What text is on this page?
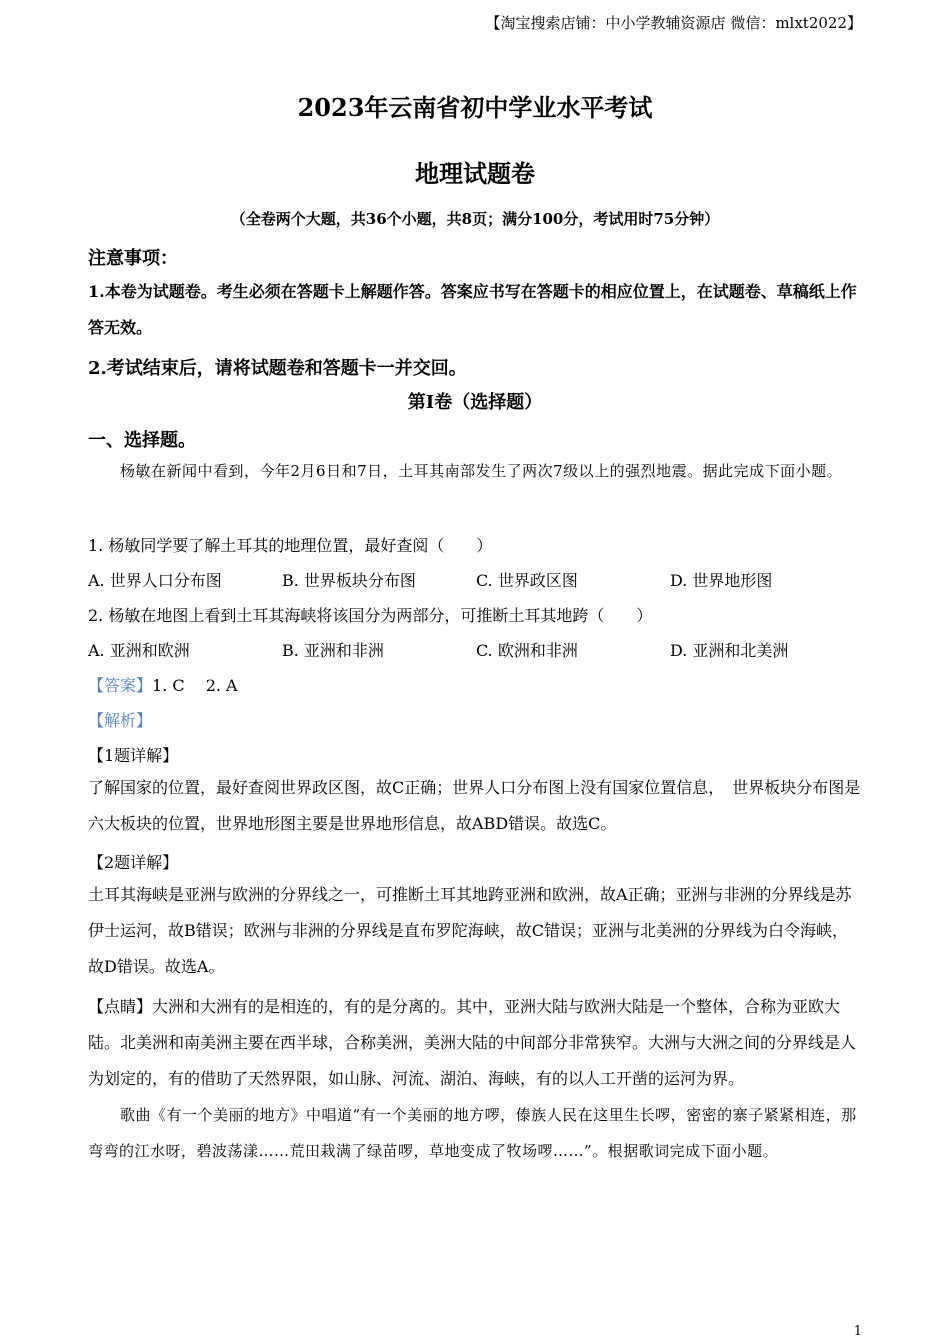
【淘宝搜索店铺：中小学教辅资源店 微信：mlxt2022】
2023年云南省初中学业水平考试
地理试题卷
（全卷两个大题，共36个小题，共8页；满分100分，考试用时75分钟）
注意事项：
1.本卷为试题卷。考生必须在答题卡上解题作答。答案应书写在答题卡的相应位置上，在试题卷、草稿纸上作答无效。
2.考试结束后，请将试题卷和答题卡一并交回。
第Ⅰ卷（选择题）
一、选择题。
杨敏在新闻中看到，今年2月6日和7日，土耳其南部发生了两次7级以上的强烈地震。据此完成下面小题。
1. 杨敏同学要了解土耳其的地理位置，最好查阅（　　）
A. 世界人口分布图	B. 世界板块分布图	C. 世界政区图	D. 世界地形图
2. 杨敏在地图上看到土耳其海峡将该国分为两部分，可推断土耳其地跨（　　）
A. 亚洲和欧洲	B. 亚洲和非洲	C. 欧洲和非洲	D. 亚洲和北美洲
【答案】1. C　 2. A
【解析】
【1题详解】
了解国家的位置，最好查阅世界政区图，故C正确；世界人口分布图上没有国家位置信息，　世界板块分布图是六大板块的位置，世界地形图主要是世界地形信息，故ABD错误。故选C。
【2题详解】
土耳其海峡是亚洲与欧洲的分界线之一，可推断土耳其地跨亚洲和欧洲，故A正确；亚洲与非洲的分界线是苏伊士运河，故B错误；欧洲与非洲的分界线是直布罗陀海峡，故C错误；亚洲与北美洲的分界线为白令海峡，故D错误。故选A。
【点睛】大洲和大洲有的是相连的，有的是分离的。其中，亚洲大陆与欧洲大陆是一个整体，合称为亚欧大陆。北美洲和南美洲主要在西半球，合称美洲，美洲大陆的中间部分非常狭窄。大洲与大洲之间的分界线是人为划定的，有的借助了天然界限，如山脉、河流、湖泊、海峡，有的以人工开凿的运河为界。
歌曲《有一个美丽的地方》中唱道“有一个美丽的地方啰，傣族人民在这里生长啰，密密的寨子紧紧相连，那弯弯的江水呀，碧波荡漾……荒田栽满了绿苗啰，草地变成了牧场啰……”。根据歌词完成下面小题。
1
